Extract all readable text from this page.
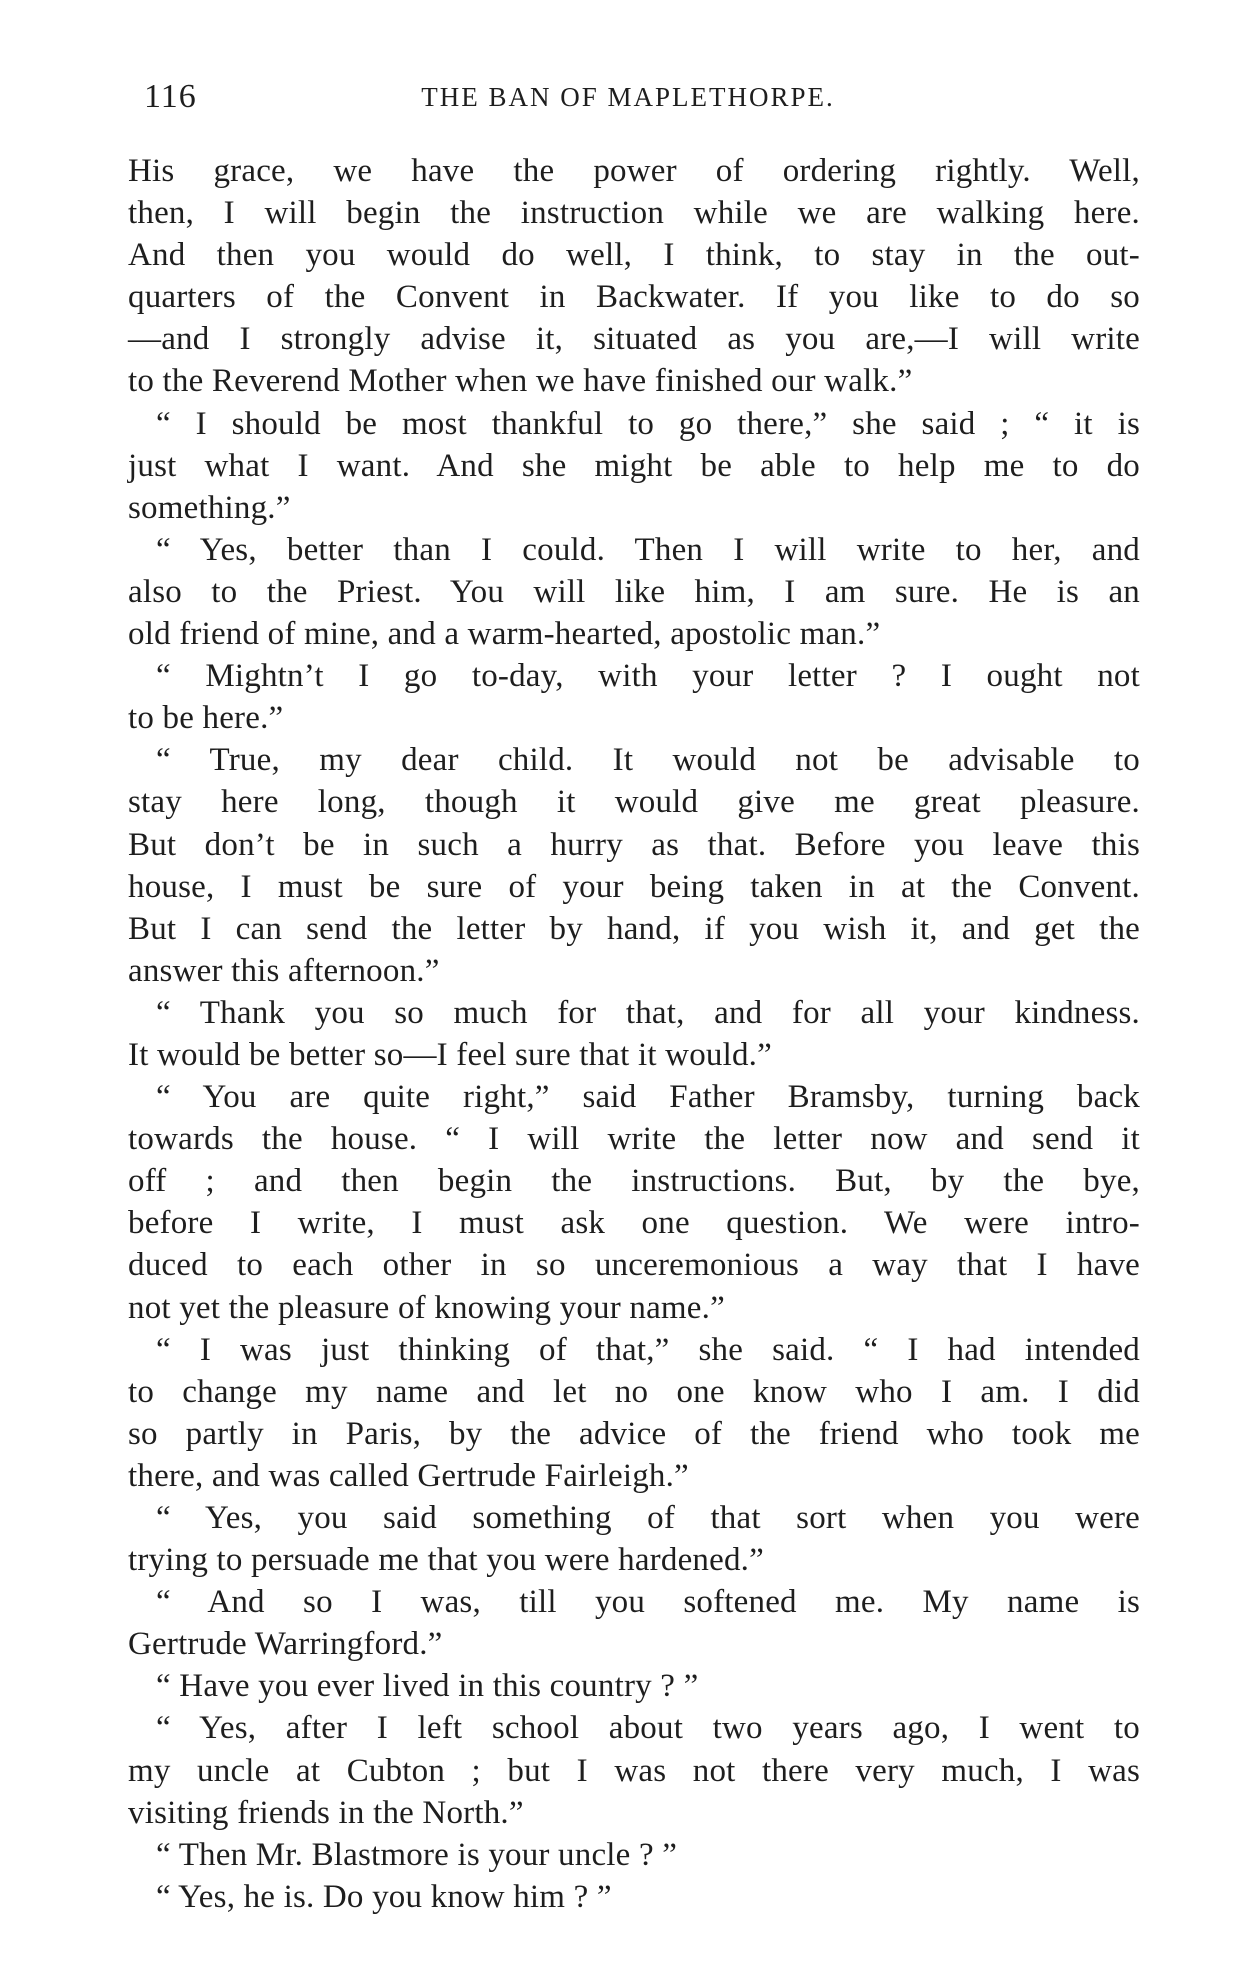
116	THE BAN OF MAPLETHORPE.
His grace, we have the power of ordering rightly. Well,
then, I will begin the instruction while we are walking here.
And then you would do well, I think, to stay in the out-
quarters of the Convent in Backwater. If you like to do so
—and I strongly advise it, situated as you are,—I will write
to the Reverend Mother when we have finished our walk.”
“ I should be most thankful to go there,” she said ; “ it is
just what I want. And she might be able to help me to do
something.”
“ Yes, better than I could. Then I will write to her, and
also to the Priest. You will like him, I am sure. He is an
old friend of mine, and a warm-hearted, apostolic man.”
“ Mightn’t I go to-day, with your letter ? I ought not
to be here.”
“ True, my dear child. It would not be advisable to
stay here long, though it would give me great pleasure.
But don’t be in such a hurry as that. Before you leave this
house, I must be sure of your being taken in at the Convent.
But I can send the letter by hand, if you wish it, and get the
answer this afternoon.”
“ Thank you so much for that, and for all your kindness.
It would be better so—I feel sure that it would.”
“ You are quite right,” said Father Bramsby, turning back
towards the house. “ I will write the letter now and send it
off ; and then begin the instructions. But, by the bye,
before I write, I must ask one question. We were intro-
duced to each other in so unceremonious a way that I have
not yet the pleasure of knowing your name.”
“ I was just thinking of that,” she said. “ I had intended
to change my name and let no one know who I am. I did
so partly in Paris, by the advice of the friend who took me
there, and was called Gertrude Fairleigh.”
“ Yes, you said something of that sort when you were
trying to persuade me that you were hardened.”
“ And so I was, till you softened me. My name is
Gertrude Warringford.”
“ Have you ever lived in this country ? ”
“ Yes, after I left school about two years ago, I went to
my uncle at Cubton ; but I was not there very much, I was
visiting friends in the North.”
“ Then Mr. Blastmore is your uncle ? ”
“ Yes, he is. Do you know him ? ”
